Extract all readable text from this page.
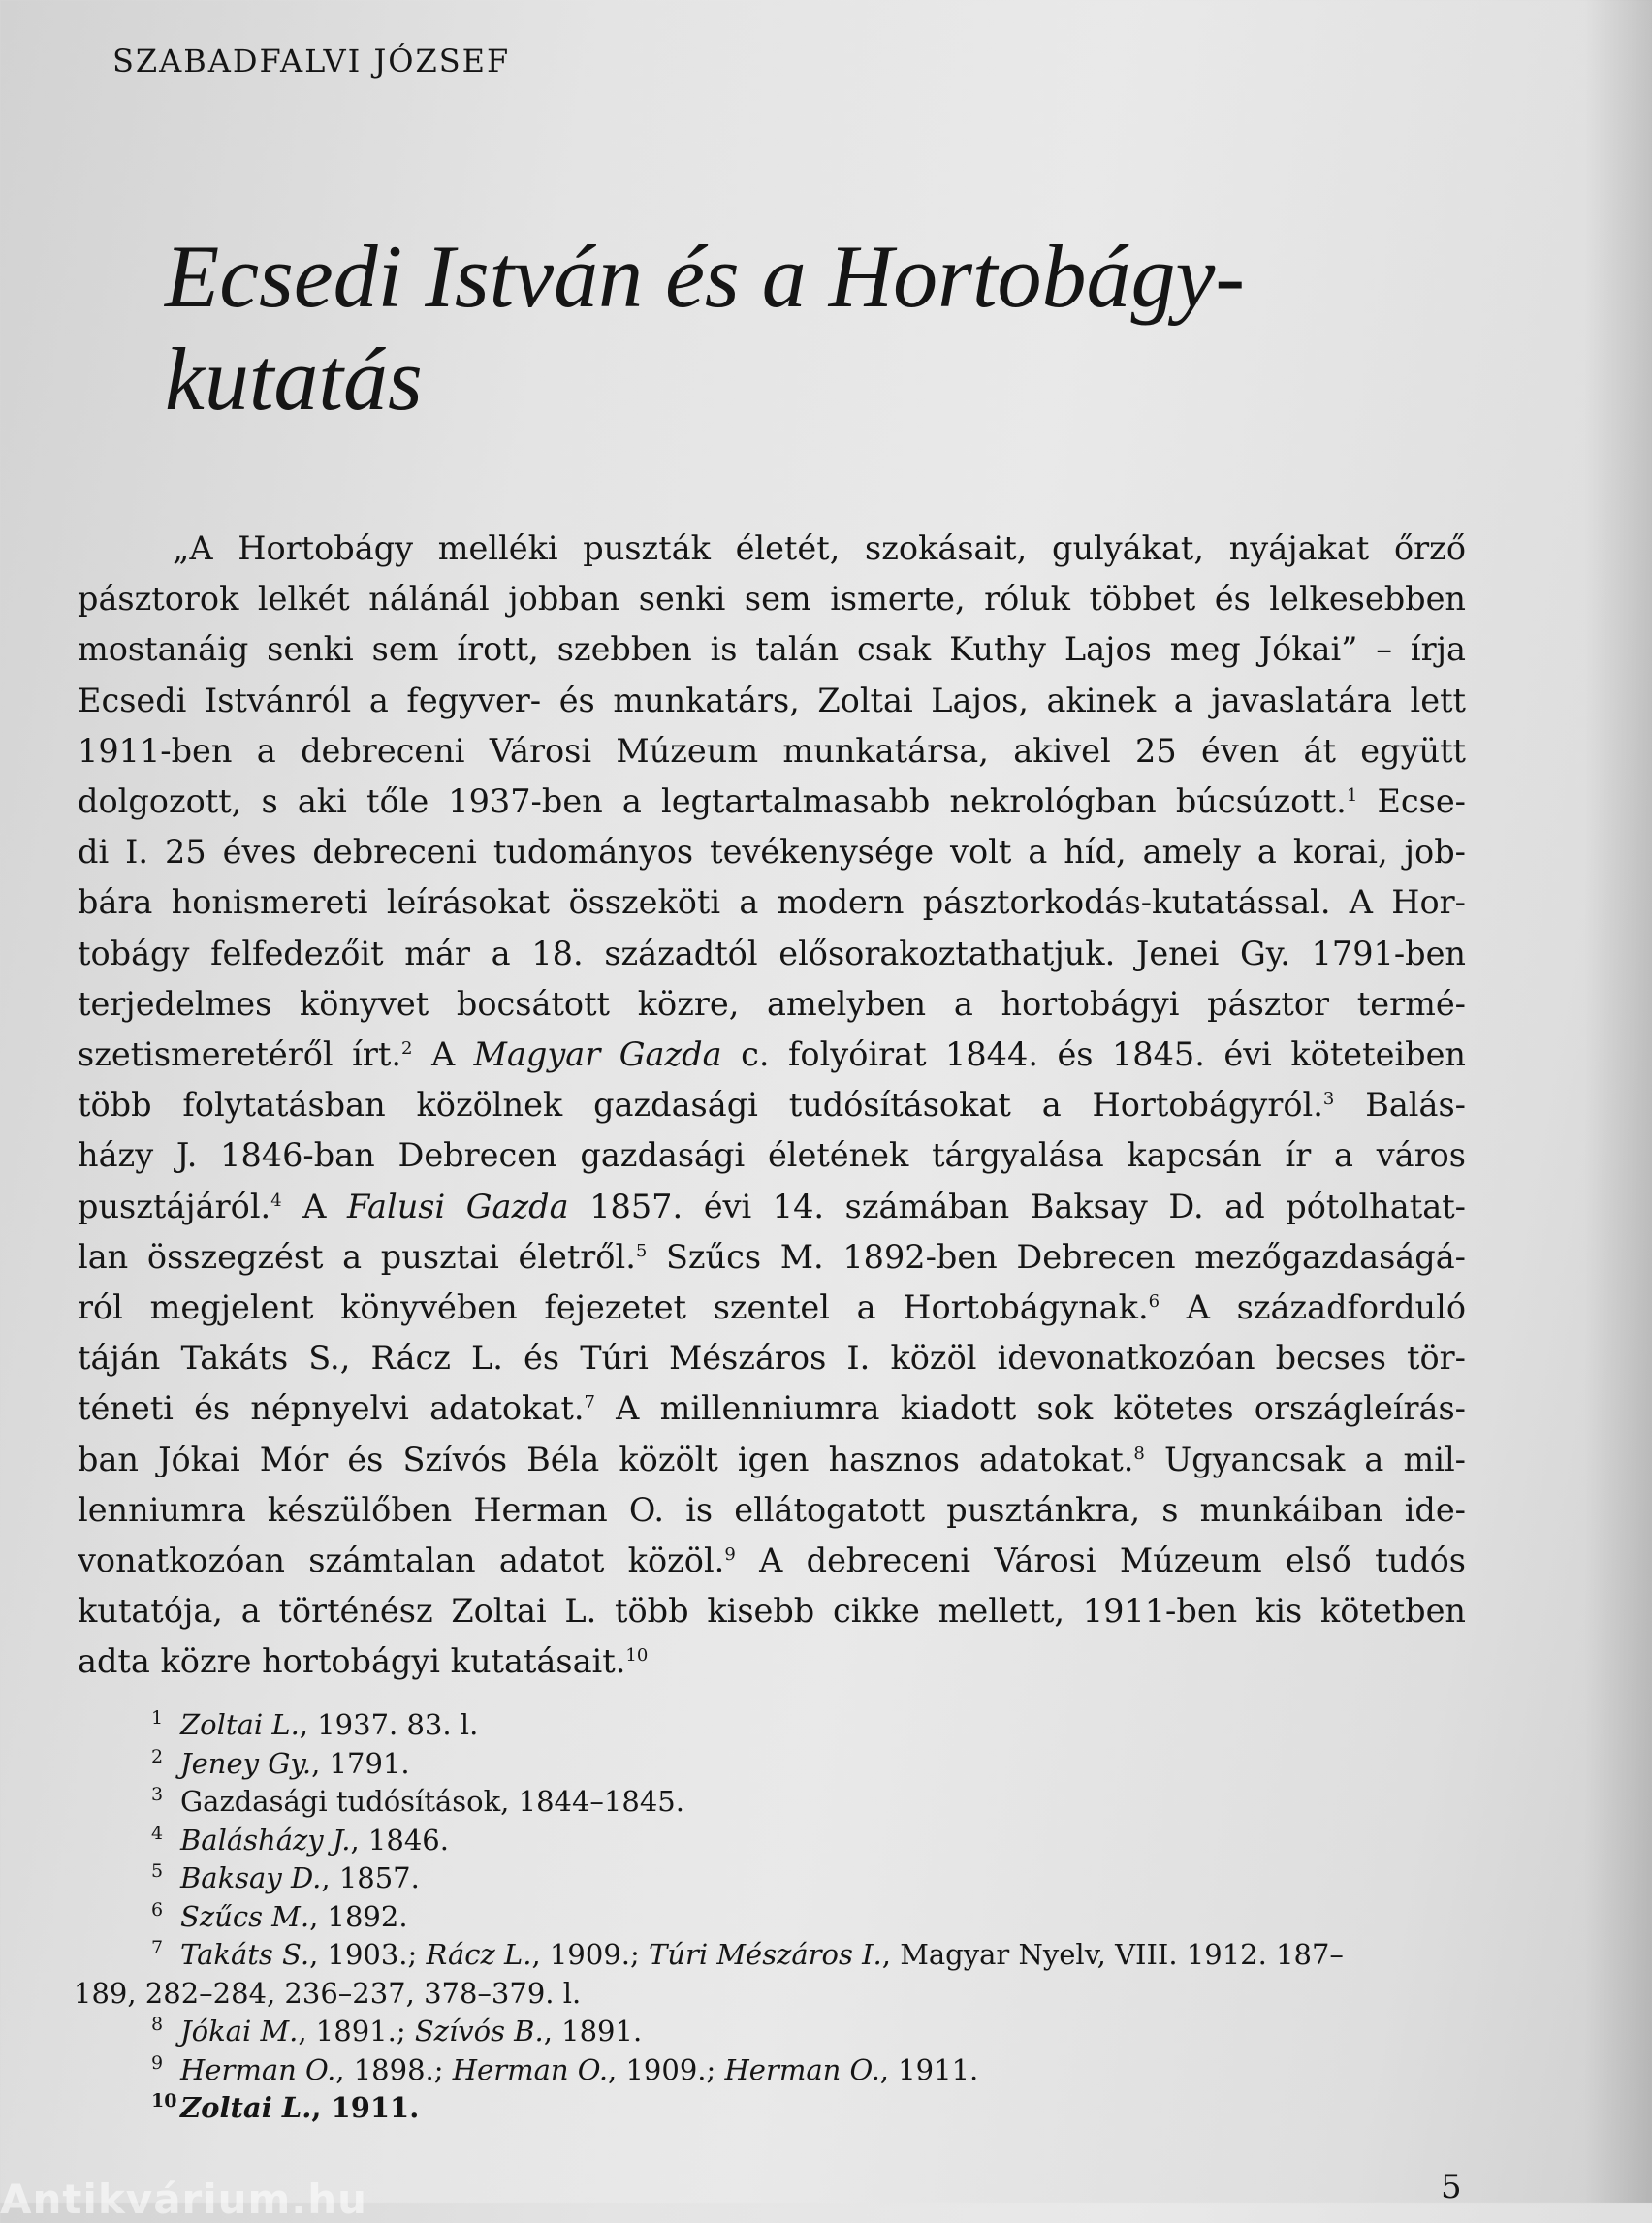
SZABADFALVI JÓZSEF
Ecsedi István és a Hortobágy-kutatás
„A Hortobágy melléki puszták életét, szokásait, gulyákat, nyájakat őrző
pásztorok lelkét nálánál jobban senki sem ismerte, róluk többet és lelkesebben
mostanáig senki sem írott, szebben is talán csak Kuthy Lajos meg Jókai” – írja
Ecsedi Istvánról a fegyver- és munkatárs, Zoltai Lajos, akinek a javaslatára lett
1911-ben a debreceni Városi Múzeum munkatársa, akivel 25 éven át együtt
dolgozott, s aki tőle 1937-ben a legtartalmasabb nekrológban búcsúzott.$^1$ Ecse-
di I. 25 éves debreceni tudományos tevékenysége volt a híd, amely a korai, job-
bára honismereti leírásokat összeköti a modern pásztorkodás-kutatással. A Hor-
tobágy felfedezőit már a 18. századtól elősorakoztathatjuk. Jenei Gy. 1791-ben
terjedelmes könyvet bocsátott közre, amelyben a hortobágyi pásztor termé-
szetismeretéről írt.$^2$ A Magyar Gazda c. folyóirat 1844. és 1845. évi köteteiben
több folytatásban közölnek gazdasági tudósításokat a Hortobágyról.$^3$ Balás-
házy J. 1846-ban Debrecen gazdasági életének tárgyalása kapcsán ír a város
pusztájáról.$^4$ A Falusi Gazda 1857. évi 14. számában Baksay D. ad pótolhatat-
lan összegzést a pusztai életről.$^5$ Szűcs M. 1892-ben Debrecen mezőgazdaságá-
ról megjelent könyvében fejezetet szentel a Hortobágynak.$^6$ A századforduló
táján Takáts S., Rácz L. és Túri Mészáros I. közöl idevonatkozóan becses tör-
téneti és népnyelvi adatokat.$^7$ A millenniumra kiadott sok kötetes országleírás-
ban Jókai Mór és Szívós Béla közölt igen hasznos adatokat.$^8$ Ugyancsak a mil-
lenniumra készülőben Herman O. is ellátogatott pusztánkra, s munkáiban ide-
vonatkozóan számtalan adatot közöl.$^9$ A debreceni Városi Múzeum első tudós
kutatója, a történész Zoltai L. több kisebb cikke mellett, 1911-ben kis kötetben
adta közre hortobágyi kutatásait.$^{10}$
1 Zoltai L., 1937. 83. l.
2 Jeney Gy., 1791.
3 Gazdasági tudósítások, 1844–1845.
4 Balásházy J., 1846.
5 Baksay D., 1857.
6 Szűcs M., 1892.
7 Takáts S., 1903.; Rácz L., 1909.; Túri Mészáros I., Magyar Nyelv, VIII. 1912. 187–
189, 282–284, 236–237, 378–379. l.
8 Jókai M., 1891.; Szívós B., 1891.
9 Herman O., 1898.; Herman O., 1909.; Herman O., 1911.
10 Zoltai L., 1911.
5
Antikvárium.hu
